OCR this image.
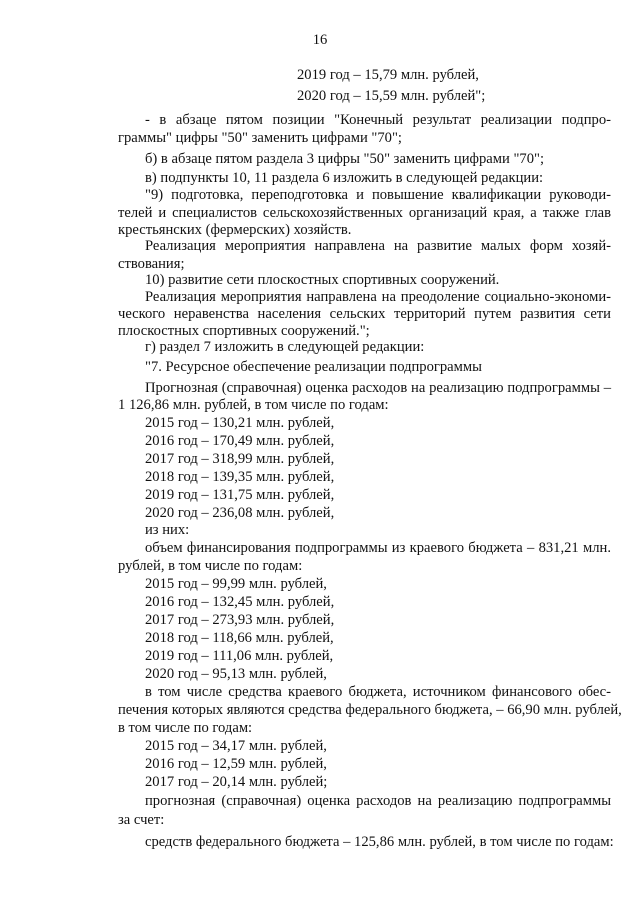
16
2019 год – 15,79 млн. рублей,
2020 год – 15,59 млн. рублей";
- в абзаце пятом позиции "Конечный результат реализации подпро-
граммы" цифры "50" заменить цифрами "70";
б) в абзаце пятом раздела 3 цифры "50" заменить цифрами "70";
в) подпункты 10, 11 раздела 6 изложить в следующей редакции:
"9) подготовка, переподготовка и повышение квалификации руководи-
телей и специалистов сельскохозяйственных организаций края, а также глав
крестьянских (фермерских) хозяйств.
Реализация мероприятия направлена на развитие малых форм хозяй-
ствования;
10) развитие сети плоскостных спортивных сооружений.
Реализация мероприятия направлена на преодоление социально-экономи-
ческого неравенства населения сельских территорий путем развития сети
плоскостных спортивных сооружений.";
г) раздел 7 изложить в следующей редакции:
"7. Ресурсное обеспечение реализации подпрограммы
Прогнозная (справочная) оценка расходов на реализацию подпрограммы –
1 126,86 млн. рублей, в том числе по годам:
2015 год – 130,21 млн. рублей,
2016 год – 170,49 млн. рублей,
2017 год – 318,99 млн. рублей,
2018 год – 139,35 млн. рублей,
2019 год – 131,75 млн. рублей,
2020 год – 236,08 млн. рублей,
из них:
объем финансирования подпрограммы из краевого бюджета – 831,21 млн.
рублей, в том числе по годам:
2015 год – 99,99 млн. рублей,
2016 год – 132,45 млн. рублей,
2017 год – 273,93 млн. рублей,
2018 год – 118,66 млн. рублей,
2019 год – 111,06 млн. рублей,
2020 год – 95,13 млн. рублей,
в том числе средства краевого бюджета, источником финансового обес-
печения которых являются средства федерального бюджета, – 66,90 млн. рублей,
в том числе по годам:
2015 год – 34,17 млн. рублей,
2016 год – 12,59 млн. рублей,
2017 год – 20,14 млн. рублей;
прогнозная (справочная) оценка расходов на реализацию подпрограммы
за счет:
средств федерального бюджета – 125,86 млн. рублей, в том числе по годам:
